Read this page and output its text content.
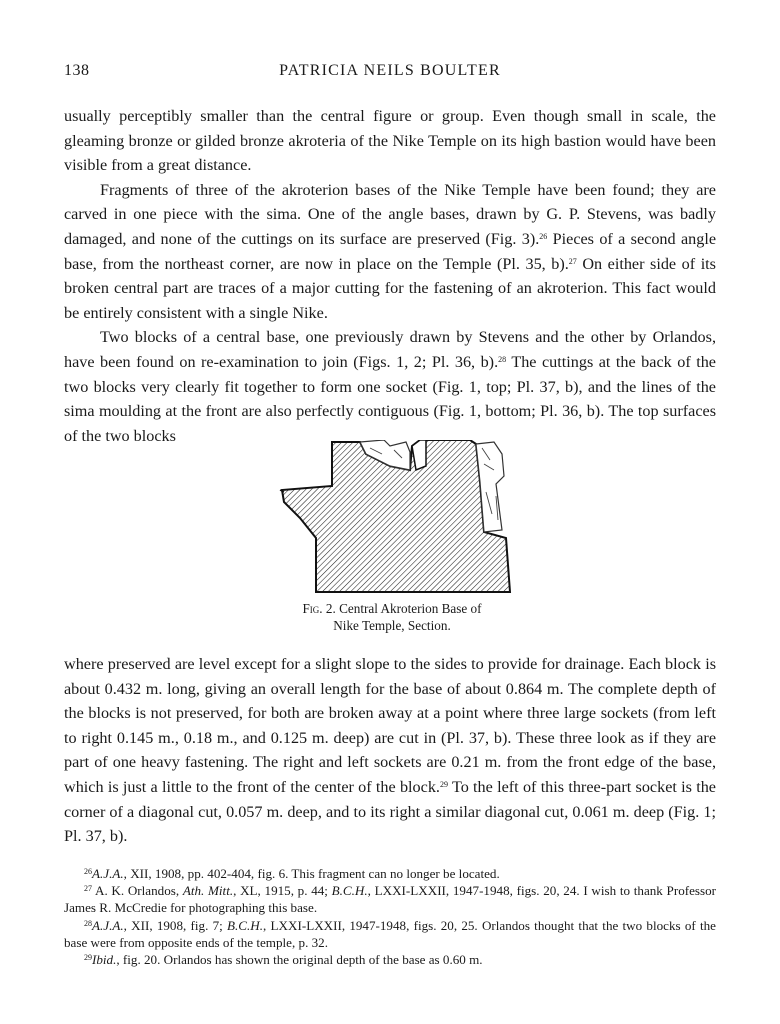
138	PATRICIA NEILS BOULTER

usually perceptibly smaller than the central figure or group. Even though small in scale, the gleaming bronze or gilded bronze akroteria of the Nike Temple on its high bastion would have been visible from a great distance.

Fragments of three of the akroterion bases of the Nike Temple have been found; they are carved in one piece with the sima. One of the angle bases, drawn by G. P. Stevens, was badly damaged, and none of the cuttings on its surface are preserved (Fig. 3).$^{26}$ Pieces of a second angle base, from the northeast corner, are now in place on the Temple (Pl. 35, b).$^{27}$ On either side of its broken central part are traces of a major cutting for the fastening of an akroterion. This fact would be entirely consistent with a single Nike.

Two blocks of a central base, one previously drawn by Stevens and the other by Orlandos, have been found on re-examination to join (Figs. 1, 2; Pl. 36, b).$^{28}$ The cuttings at the back of the two blocks very clearly fit together to form one socket (Fig. 1, top; Pl. 37, b), and the lines of the sima moulding at the front are also perfectly contiguous (Fig. 1, bottom; Pl. 36, b). The top surfaces of the two blocks

Fig. 2. Central Akroterion Base of
Nike Temple, Section.

where preserved are level except for a slight slope to the sides to provide for drainage. Each block is about 0.432 m. long, giving an overall length for the base of about 0.864 m. The complete depth of the blocks is not preserved, for both are broken away at a point where three large sockets (from left to right 0.145 m., 0.18 m., and 0.125 m. deep) are cut in (Pl. 37, b). These three look as if they are part of one heavy fastening. The right and left sockets are 0.21 m. from the front edge of the base, which is just a little to the front of the center of the block.$^{29}$ To the left of this three-part socket is the corner of a diagonal cut, 0.057 m. deep, and to its right a similar diagonal cut, 0.061 m. deep (Fig. 1; Pl. 37, b).

$^{26}$A.J.A., XII, 1908, pp. 402-404, fig. 6. This fragment can no longer be located.

$^{27}$ A. K. Orlandos, Ath. Mitt., XL, 1915, p. 44; B.C.H., LXXI-LXXII, 1947-1948, figs. 20, 24. I wish to thank Professor James R. McCredie for photographing this base.

$^{28}$A.J.A., XII, 1908, fig. 7; B.C.H., LXXI-LXXII, 1947-1948, figs. 20, 25. Orlandos thought that the two blocks of the base were from opposite ends of the temple, p. 32.

$^{29}$Ibid., fig. 20. Orlandos has shown the original depth of the base as 0.60 m.
